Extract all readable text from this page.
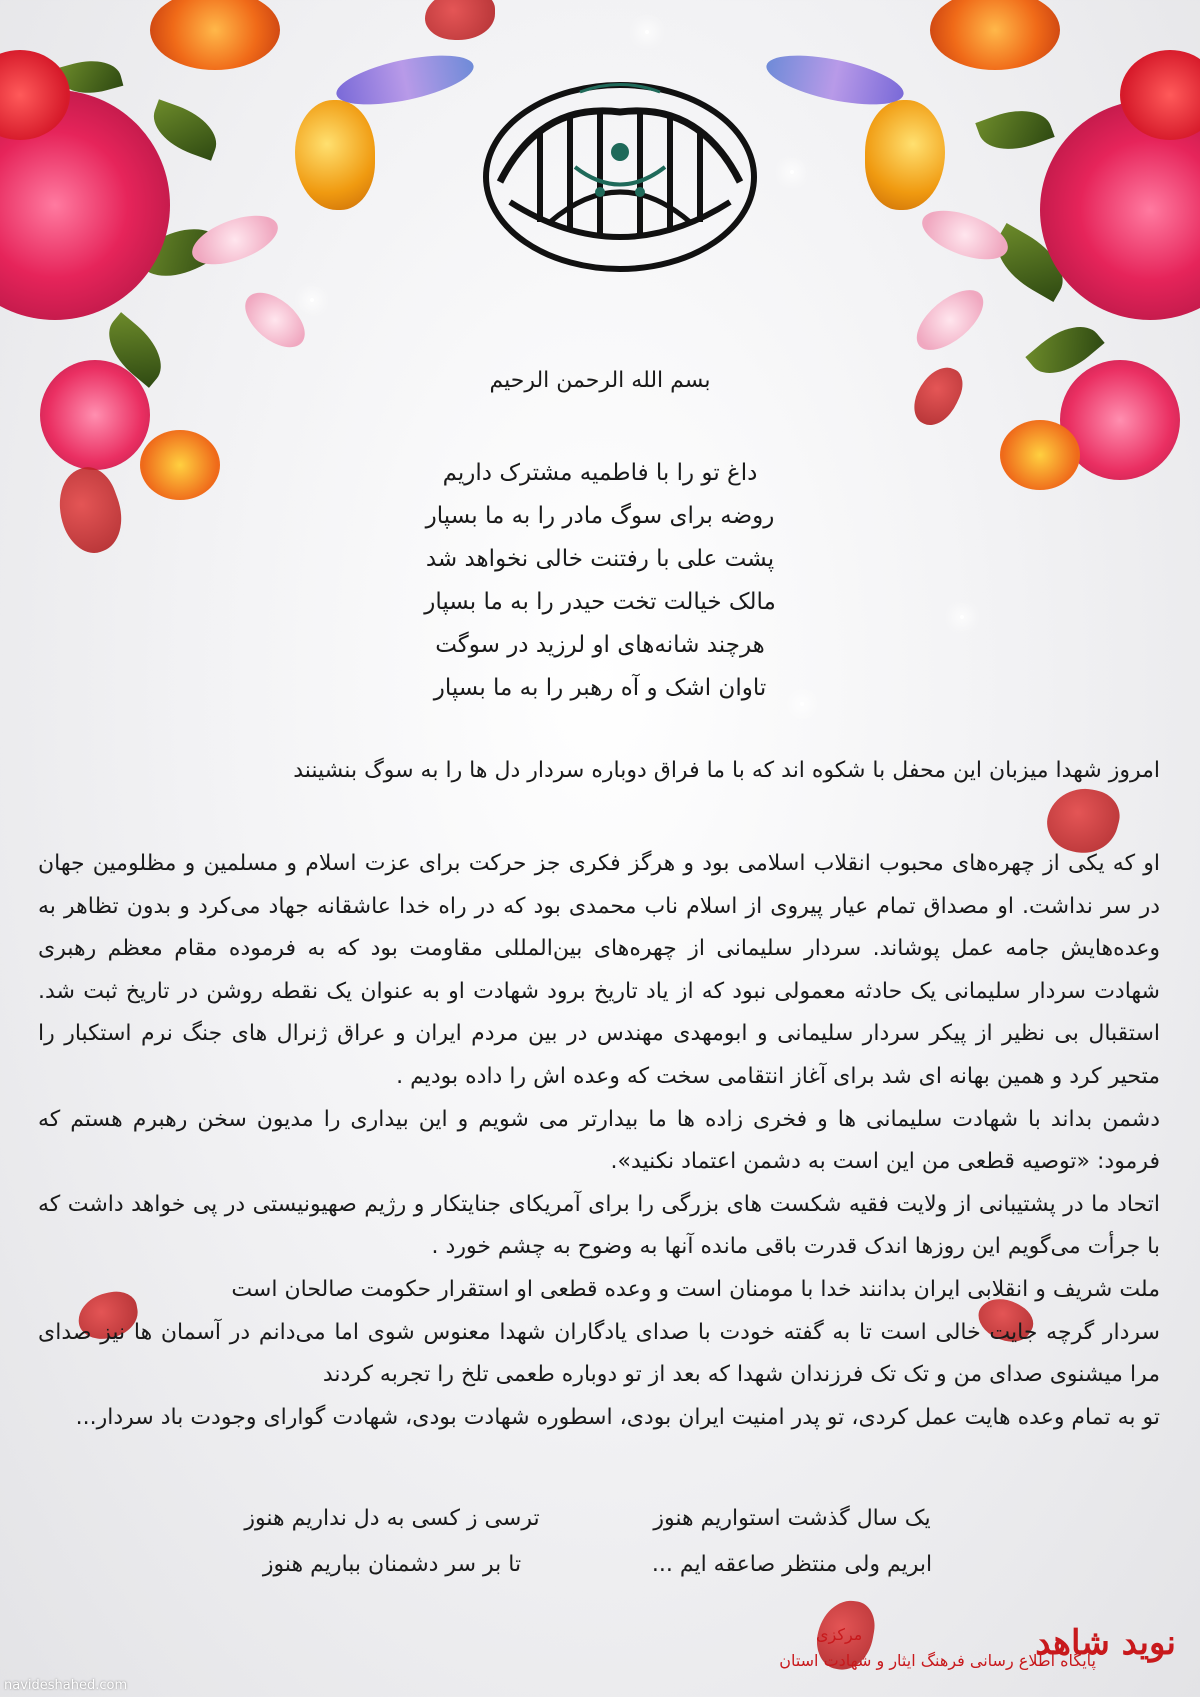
بسم الله الرحمن الرحیم
داغ تو را با فاطمیه مشترک داریم
روضه برای سوگ مادر را به ما بسپار
پشت علی با رفتنت خالی نخواهد شد
مالک خیالت تخت حیدر را به ما بسپار
هرچند شانه‌های او لرزید در سوگت
تاوان اشک و آه رهبر را به ما بسپار
امروز شهدا میزبان این محفل با شکوه اند که با ما فراق دوباره سردار دل ها را به سوگ بنشینند

او که یکی از چهره‌های محبوب انقلاب اسلامی بود و هرگز فکری جز حرکت برای عزت اسلام و مسلمین و مظلومین جهان در سر نداشت. او مصداق تمام عیار پیروی از اسلام ناب محمدی بود که در راه خدا عاشقانه جهاد می‌کرد و بدون تظاهر به وعده‌هایش جامه عمل پوشاند. سردار سلیمانی از چهره‌های بین‌المللی مقاومت بود که به فرموده مقام معظم رهبری شهادت سردار سلیمانی یک حادثه معمولی نبود که از یاد تاریخ برود شهادت او به عنوان یک نقطه روشن در تاریخ ثبت شد. استقبال بی نظیر از پیکر سردار سلیمانی و ابومهدی مهندس در بین مردم ایران و عراق ژنرال های جنگ نرم استکبار را متحیر کرد و همین بهانه ای شد برای آغاز انتقامی سخت که وعده اش را داده بودیم .

دشمن بداند با شهادت سلیمانی ها و فخری زاده ها ما بیدارتر می شویم و این بیداری را مدیون سخن رهبرم هستم که فرمود: «توصیه قطعی من این است به دشمن اعتماد نکنید».

اتحاد ما در پشتیبانی از ولایت فقیه شکست های بزرگی را برای آمریکای جنایتکار و رژیم صهیونیستی در پی خواهد داشت که با جرأت می‌گویم این روزها اندک قدرت باقی مانده آنها به وضوح به چشم خورد .

ملت شریف و انقلابی ایران بدانند خدا با مومنان است و وعده قطعی او استقرار حکومت صالحان است

سردار گرچه جایت خالی است تا به گفته خودت با صدای یادگاران شهدا معنوس شوی اما می‌دانم در آسمان ها نیز صدای مرا میشنوی صدای من و تک تک فرزندان شهدا که بعد از تو دوباره طعمی تلخ را تجربه کردند

تو به تمام وعده هایت عمل کردی، تو پدر امنیت ایران بودی، اسطوره شهادت بودی، شهادت گوارای وجودت باد سردار...

یک سال گذشت استواریم هنوز
ترسی ز کسی به دل نداریم هنوز
ابریم ولی منتظر صاعقه ایم ...
تا بر سر دشمنان بباریم هنوز
نوید شاهد
پایگاه اطلاع رسانی فرهنگ ایثار و شهادت استان
مرکزی
navideshahed.com
